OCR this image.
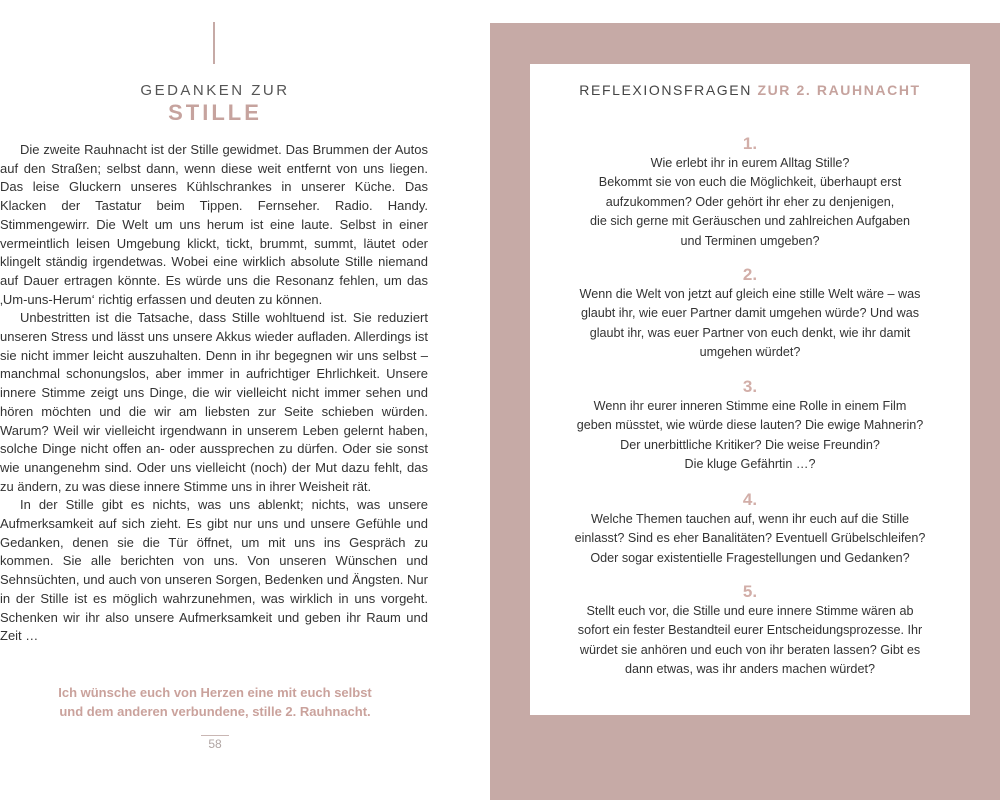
GEDANKEN ZUR
STILLE

Die zweite Rauhnacht ist der Stille gewidmet. Das Brummen der Autos auf den Straßen; selbst dann, wenn diese weit entfernt von uns liegen. Das leise Gluckern unseres Kühlschrankes in unserer Küche. Das Klacken der Tastatur beim Tippen. Fernseher. Radio. Handy. Stimmengewirr. Die Welt um uns herum ist eine laute. Selbst in einer vermeintlich leisen Umgebung klickt, tickt, brummt, summt, läutet oder klingelt ständig irgendetwas. Wobei eine wirklich absolute Stille niemand auf Dauer ertragen könnte. Es würde uns die Resonanz fehlen, um das ‚Um-uns-Herum‘ richtig erfassen und deuten zu können.

Unbestritten ist die Tatsache, dass Stille wohltuend ist. Sie reduziert unseren Stress und lässt uns unsere Akkus wieder aufladen. Allerdings ist sie nicht immer leicht auszuhalten. Denn in ihr begegnen wir uns selbst – manchmal schonungslos, aber immer in aufrichtiger Ehrlichkeit. Unsere innere Stimme zeigt uns Dinge, die wir vielleicht nicht immer sehen und hören möchten und die wir am liebsten zur Seite schieben würden. Warum? Weil wir vielleicht irgendwann in unserem Leben gelernt haben, solche Dinge nicht offen an- oder aussprechen zu dürfen. Oder sie sonst wie unangenehm sind. Oder uns vielleicht (noch) der Mut dazu fehlt, das zu ändern, zu was diese innere Stimme uns in ihrer Weisheit rät.

In der Stille gibt es nichts, was uns ablenkt; nichts, was unsere Aufmerksamkeit auf sich zieht. Es gibt nur uns und unsere Gefühle und Gedanken, denen sie die Tür öffnet, um mit uns ins Gespräch zu kommen. Sie alle berichten von uns. Von unseren Wünschen und Sehnsüchten, und auch von unseren Sorgen, Bedenken und Ängsten. Nur in der Stille ist es möglich wahrzunehmen, was wirklich in uns vorgeht. Schenken wir ihr also unsere Aufmerksamkeit und geben ihr Raum und Zeit …

Ich wünsche euch von Herzen eine mit euch selbst
und dem anderen verbundene, stille 2. Rauhnacht.
58
REFLEXIONSFRAGEN ZUR 2. RAUHNACHT
1.
Wie erlebt ihr in eurem Alltag Stille?
Bekommt sie von euch die Möglichkeit, überhaupt erst
aufzukommen? Oder gehört ihr eher zu denjenigen,
die sich gerne mit Geräuschen und zahlreichen Aufgaben
und Terminen umgeben?
2.
Wenn die Welt von jetzt auf gleich eine stille Welt wäre – was
glaubt ihr, wie euer Partner damit umgehen würde? Und was
glaubt ihr, was euer Partner von euch denkt, wie ihr damit
umgehen würdet?
3.
Wenn ihr eurer inneren Stimme eine Rolle in einem Film
geben müsstet, wie würde diese lauten? Die ewige Mahnerin?
Der unerbittliche Kritiker? Die weise Freundin?
Die kluge Gefährtin …?
4.
Welche Themen tauchen auf, wenn ihr euch auf die Stille
einlasst? Sind es eher Banalitäten? Eventuell Grübelschleifen?
Oder sogar existentielle Fragestellungen und Gedanken?
5.
Stellt euch vor, die Stille und eure innere Stimme wären ab
sofort ein fester Bestandteil eurer Entscheidungsprozesse. Ihr
würdet sie anhören und euch von ihr beraten lassen? Gibt es
dann etwas, was ihr anders machen würdet?
